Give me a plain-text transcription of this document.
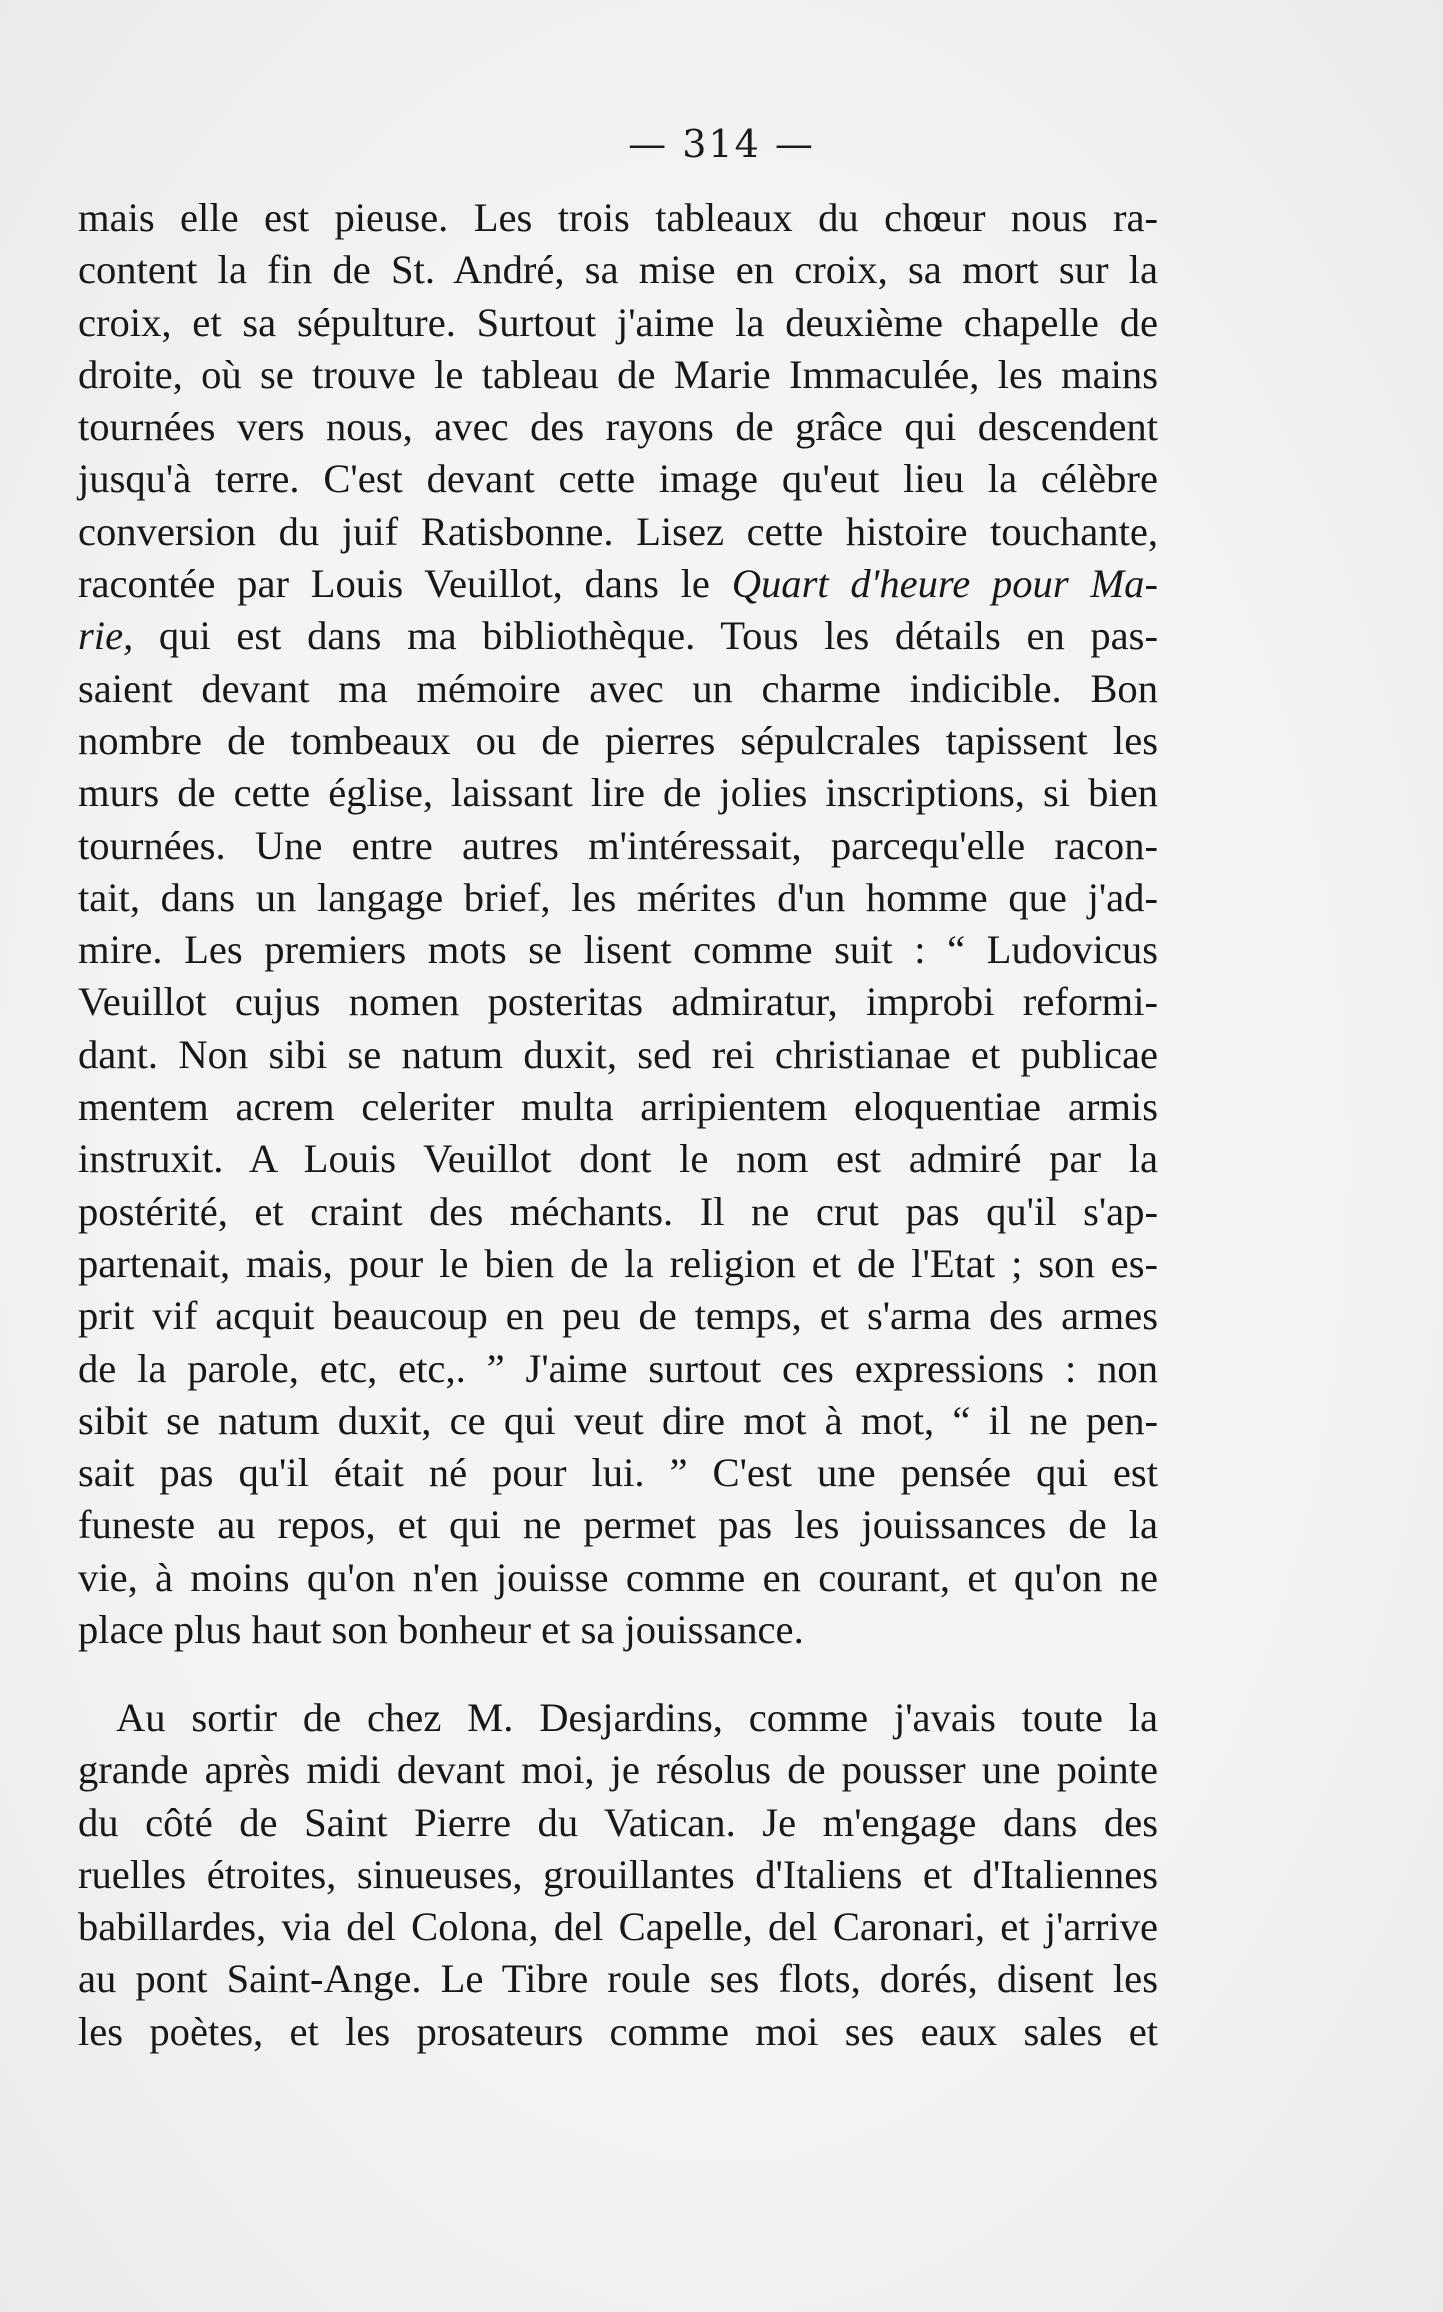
— 314 —
mais elle est pieuse. Les trois tableaux du chœur nous ra-
content la fin de St. André, sa mise en croix, sa mort sur la
croix, et sa sépulture. Surtout j'aime la deuxième chapelle de
droite, où se trouve le tableau de Marie Immaculée, les mains
tournées vers nous, avec des rayons de grâce qui descendent
jusqu'à terre. C'est devant cette image qu'eut lieu la célèbre
conversion du juif Ratisbonne. Lisez cette histoire touchante,
racontée par Louis Veuillot, dans le Quart d'heure pour Ma-
rie, qui est dans ma bibliothèque. Tous les détails en pas-
saient devant ma mémoire avec un charme indicible. Bon
nombre de tombeaux ou de pierres sépulcrales tapissent les
murs de cette église, laissant lire de jolies inscriptions, si bien
tournées. Une entre autres m'intéressait, parcequ'elle racon-
tait, dans un langage brief, les mérites d'un homme que j'ad-
mire. Les premiers mots se lisent comme suit : “ Ludovicus
Veuillot cujus nomen posteritas admiratur, improbi reformi-
dant. Non sibi se natum duxit, sed rei christianae et publicae
mentem acrem celeriter multa arripientem eloquentiae armis
instruxit. A Louis Veuillot dont le nom est admiré par la
postérité, et craint des méchants. Il ne crut pas qu'il s'ap-
partenait, mais, pour le bien de la religion et de l'Etat ; son es-
prit vif acquit beaucoup en peu de temps, et s'arma des armes
de la parole, etc, etc,. ” J'aime surtout ces expressions : non
sibit se natum duxit, ce qui veut dire mot à mot, “ il ne pen-
sait pas qu'il était né pour lui. ” C'est une pensée qui est
funeste au repos, et qui ne permet pas les jouissances de la
vie, à moins qu'on n'en jouisse comme en courant, et qu'on ne
place plus haut son bonheur et sa jouissance.
Au sortir de chez M. Desjardins, comme j'avais toute la
grande après midi devant moi, je résolus de pousser une pointe
du côté de Saint Pierre du Vatican. Je m'engage dans des
ruelles étroites, sinueuses, grouillantes d'Italiens et d'Italiennes
babillardes, via del Colona, del Capelle, del Caronari, et j'arrive
au pont Saint-Ange. Le Tibre roule ses flots, dorés, disent les
les poètes, et les prosateurs comme moi ses eaux sales et
